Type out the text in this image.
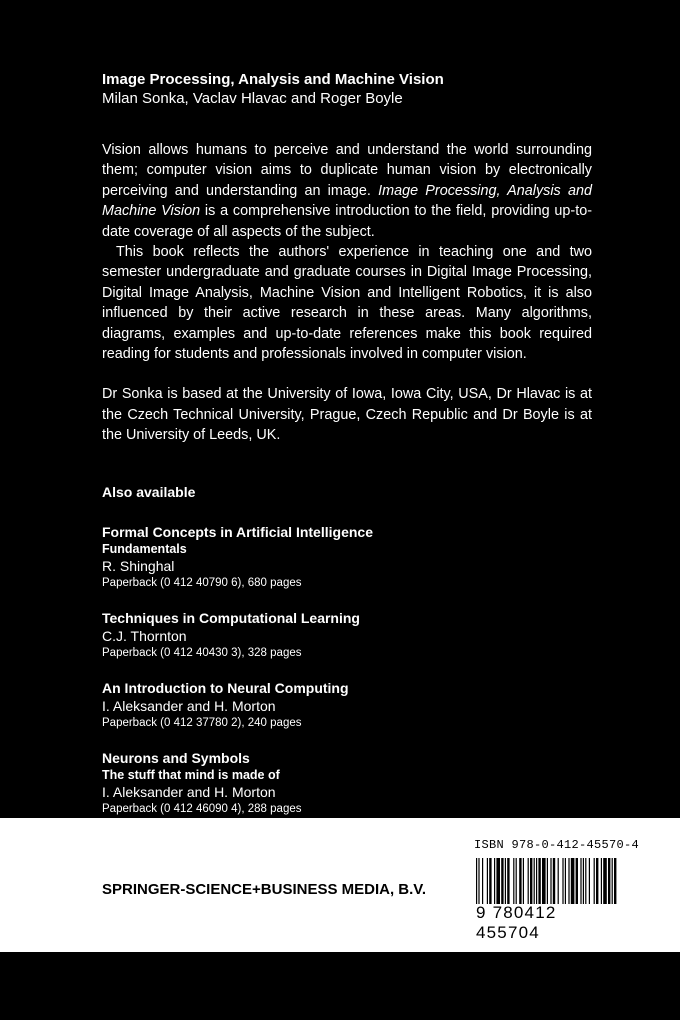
Image Processing, Analysis and Machine Vision

Milan Sonka, Vaclav Hlavac and Roger Boyle

Vision allows humans to perceive and understand the world surrounding them; computer vision aims to duplicate human vision by electronically perceiving and understanding an image. Image Processing, Analysis and Machine Vision is a comprehensive introduction to the field, providing up-to-date coverage of all aspects of the subject.

This book reflects the authors' experience in teaching one and two semester undergraduate and graduate courses in Digital Image Processing, Digital Image Analysis, Machine Vision and Intelligent Robotics, it is also influenced by their active research in these areas. Many algorithms, diagrams, examples and up-to-date references make this book required reading for students and professionals involved in computer vision.

Dr Sonka is based at the University of Iowa, Iowa City, USA, Dr Hlavac is at the Czech Technical University, Prague, Czech Republic and Dr Boyle is at the University of Leeds, UK.

Also available
Formal Concepts in Artificial Intelligence
Fundamentals
R. Shinghal
Paperback (0 412 40790 6), 680 pages
Techniques in Computational Learning
C.J. Thornton
Paperback (0 412 40430 3), 328 pages
An Introduction to Neural Computing
I. Aleksander and H. Morton
Paperback (0 412 37780 2), 240 pages
Neurons and Symbols
The stuff that mind is made of
I. Aleksander and H. Morton
Paperback (0 412 46090 4), 288 pages
SPRINGER-SCIENCE+BUSINESS MEDIA, B.V.
ISBN 978-0-412-45570-4
9 780412 455704
